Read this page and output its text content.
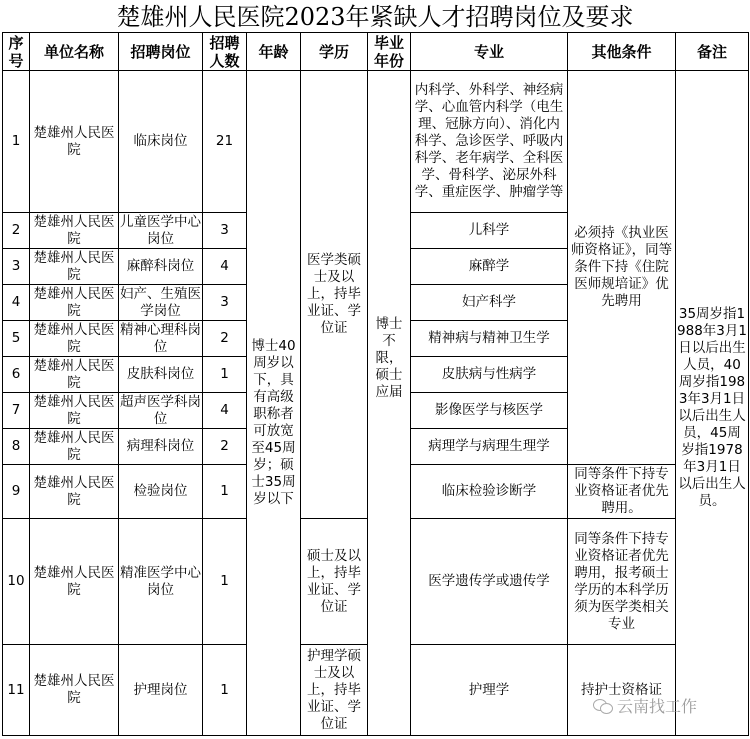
楚雄州人民医院2023年紧缺人才招聘岗位及要求
序号	单位名称	招聘岗位	招聘人数	年龄	学历	毕业年份	专业	其他条件	备注
1	楚雄州人民医院	临床岗位	21	博士40周岁以下，具有高级职称者可放宽至45周岁；硕士35周岁以下	医学类硕士及以上，持毕业证、学位证	博士不限，硕士应届	内科学、外科学、神经病学、心血管内科学（电生理、冠脉方向）、消化内科学、急诊医学、呼吸内科学、老年病学、全科医学、骨科学、泌尿外科学、重症医学、肿瘤学等	必须持《执业医师资格证》，同等条件下持《住院医师规培证》优先聘用	35周岁指1988年3月1日以后出生人员，40周岁指1983年3月1日以后出生人员，45周岁指1978年3月1日以后出生人员。
2	楚雄州人民医院	儿童医学中心岗位	3				儿科学		
3	楚雄州人民医院	麻醉科岗位	4				麻醉学		
4	楚雄州人民医院	妇产、生殖医学岗位	3				妇产科学		
5	楚雄州人民医院	精神心理科岗位	2				精神病与精神卫生学		
6	楚雄州人民医院	皮肤科岗位	1				皮肤病与性病学		
7	楚雄州人民医院	超声医学科岗位	4				影像医学与核医学		
8	楚雄州人民医院	病理科岗位	2				病理学与病理生理学		
9	楚雄州人民医院	检验岗位	1				临床检验诊断学	同等条件下持专业资格证者优先聘用。	
10	楚雄州人民医院	精准医学中心岗位	1		硕士及以上，持毕业证、学位证		医学遗传学或遗传学	同等条件下持专业资格证者优先聘用，报考硕士学历的本科学历须为医学类相关专业	
11	楚雄州人民医院	护理岗位	1		护理学硕士及以上，持毕业证、学位证		护理学	持护士资格证	
云南找工作
